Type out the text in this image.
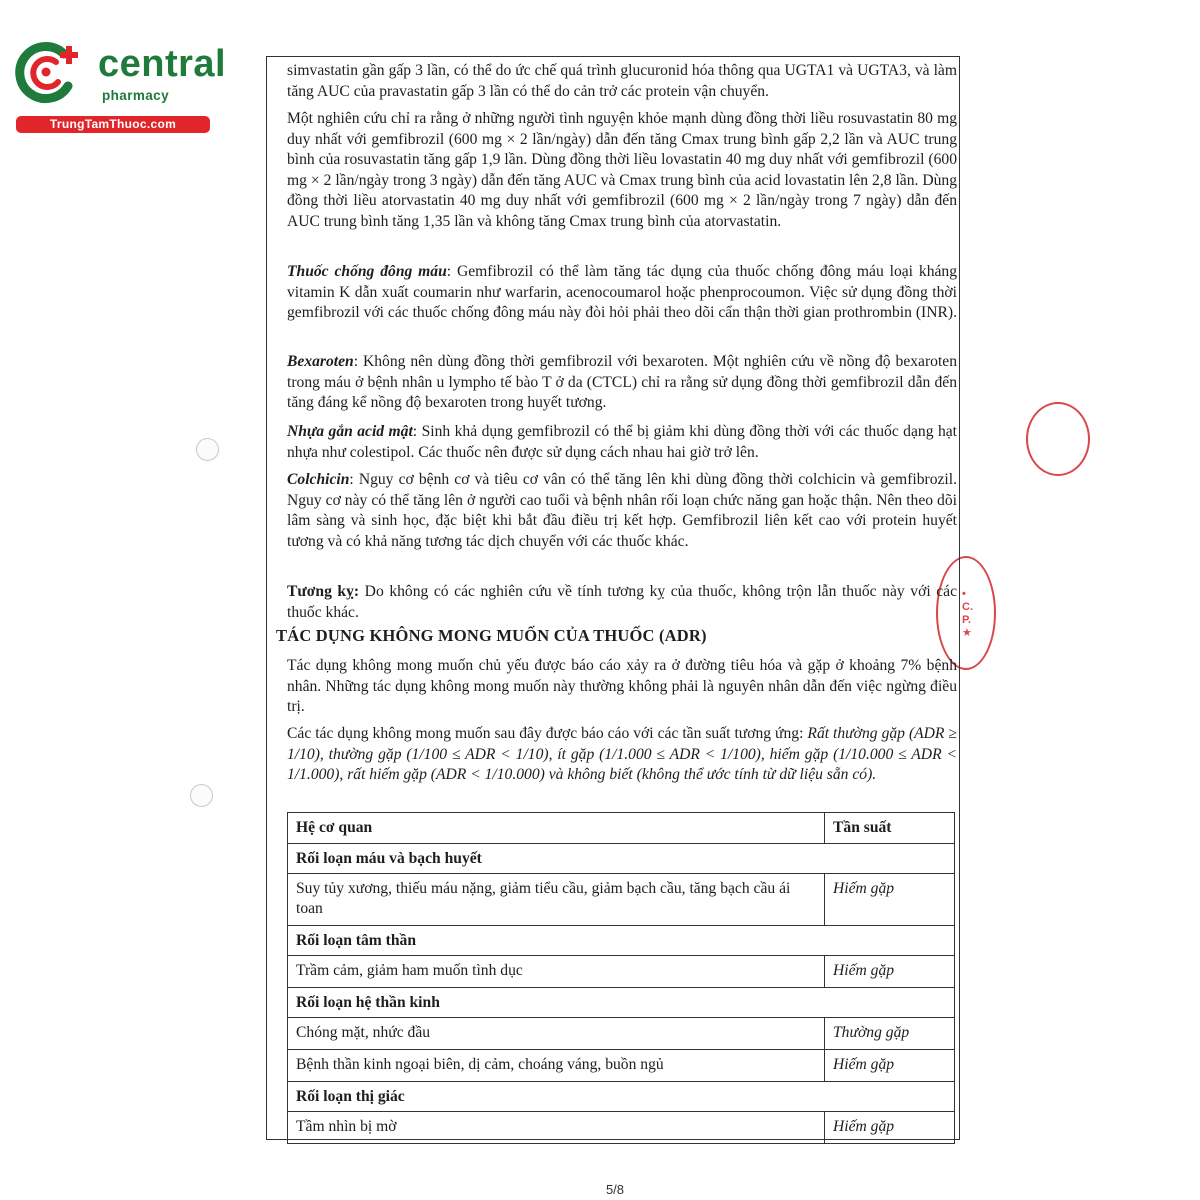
central
pharmacy
TrungTamThuoc.com
• C.P. ★

simvastatin gần gấp 3 lần, có thể do ức chế quá trình glucuronid hóa thông qua UGTA1 và UGTA3, và làm tăng AUC của pravastatin gấp 3 lần có thể do cản trở các protein vận chuyển.

Một nghiên cứu chỉ ra rằng ở những người tình nguyện khỏe mạnh dùng đồng thời liều rosuvastatin 80 mg duy nhất với gemfibrozil (600 mg × 2 lần/ngày) dẫn đến tăng Cmax trung bình gấp 2,2 lần và AUC trung bình của rosuvastatin tăng gấp 1,9 lần. Dùng đồng thời liều lovastatin 40 mg duy nhất với gemfibrozil (600 mg × 2 lần/ngày trong 3 ngày) dẫn đến tăng AUC và Cmax trung bình của acid lovastatin lên 2,8 lần. Dùng đồng thời liều atorvastatin 40 mg duy nhất với gemfibrozil (600 mg × 2 lần/ngày trong 7 ngày) dẫn đến AUC trung bình tăng 1,35 lần và không tăng Cmax trung bình của atorvastatin.

Thuốc chống đông máu: Gemfibrozil có thể làm tăng tác dụng của thuốc chống đông máu loại kháng vitamin K dẫn xuất coumarin như warfarin, acenocoumarol hoặc phenprocoumon. Việc sử dụng đồng thời gemfibrozil với các thuốc chống đông máu này đòi hỏi phải theo dõi cẩn thận thời gian prothrombin (INR).

Bexaroten: Không nên dùng đồng thời gemfibrozil với bexaroten. Một nghiên cứu về nồng độ bexaroten trong máu ở bệnh nhân u lympho tế bào T ở da (CTCL) chỉ ra rằng sử dụng đồng thời gemfibrozil dẫn đến tăng đáng kể nồng độ bexaroten trong huyết tương.

Nhựa gắn acid mật: Sinh khả dụng gemfibrozil có thể bị giảm khi dùng đồng thời với các thuốc dạng hạt nhựa như colestipol. Các thuốc nên được sử dụng cách nhau hai giờ trở lên.

Colchicin: Nguy cơ bệnh cơ và tiêu cơ vân có thể tăng lên khi dùng đồng thời colchicin và gemfibrozil. Nguy cơ này có thể tăng lên ở người cao tuổi và bệnh nhân rối loạn chức năng gan hoặc thận. Nên theo dõi lâm sàng và sinh học, đặc biệt khi bắt đầu điều trị kết hợp. Gemfibrozil liên kết cao với protein huyết tương và có khả năng tương tác dịch chuyển với các thuốc khác.

Tương kỵ: Do không có các nghiên cứu về tính tương kỵ của thuốc, không trộn lẫn thuốc này với các thuốc khác.

TÁC DỤNG KHÔNG MONG MUỐN CỦA THUỐC (ADR)

Tác dụng không mong muốn chủ yếu được báo cáo xảy ra ở đường tiêu hóa và gặp ở khoảng 7% bệnh nhân. Những tác dụng không mong muốn này thường không phải là nguyên nhân dẫn đến việc ngừng điều trị.

Các tác dụng không mong muốn sau đây được báo cáo với các tần suất tương ứng: Rất thường gặp (ADR ≥ 1/10), thường gặp (1/100 ≤ ADR < 1/10), ít gặp (1/1.000 ≤ ADR < 1/100), hiếm gặp (1/10.000 ≤ ADR < 1/1.000), rất hiếm gặp (ADR < 1/10.000) và không biết (không thể ước tính từ dữ liệu sẵn có).

Hệ cơ quan	Tần suất
Rối loạn máu và bạch huyết	
Suy tủy xương, thiếu máu nặng, giảm tiểu cầu, giảm bạch cầu, tăng bạch cầu ái toan	Hiếm gặp
Rối loạn tâm thần	
Trầm cảm, giảm ham muốn tình dục	Hiếm gặp
Rối loạn hệ thần kinh	
Chóng mặt, nhức đầu	Thường gặp
Bệnh thần kinh ngoại biên, dị cảm, choáng váng, buồn ngủ	Hiếm gặp
Rối loạn thị giác	
Tầm nhìn bị mờ	Hiếm gặp
5/8
